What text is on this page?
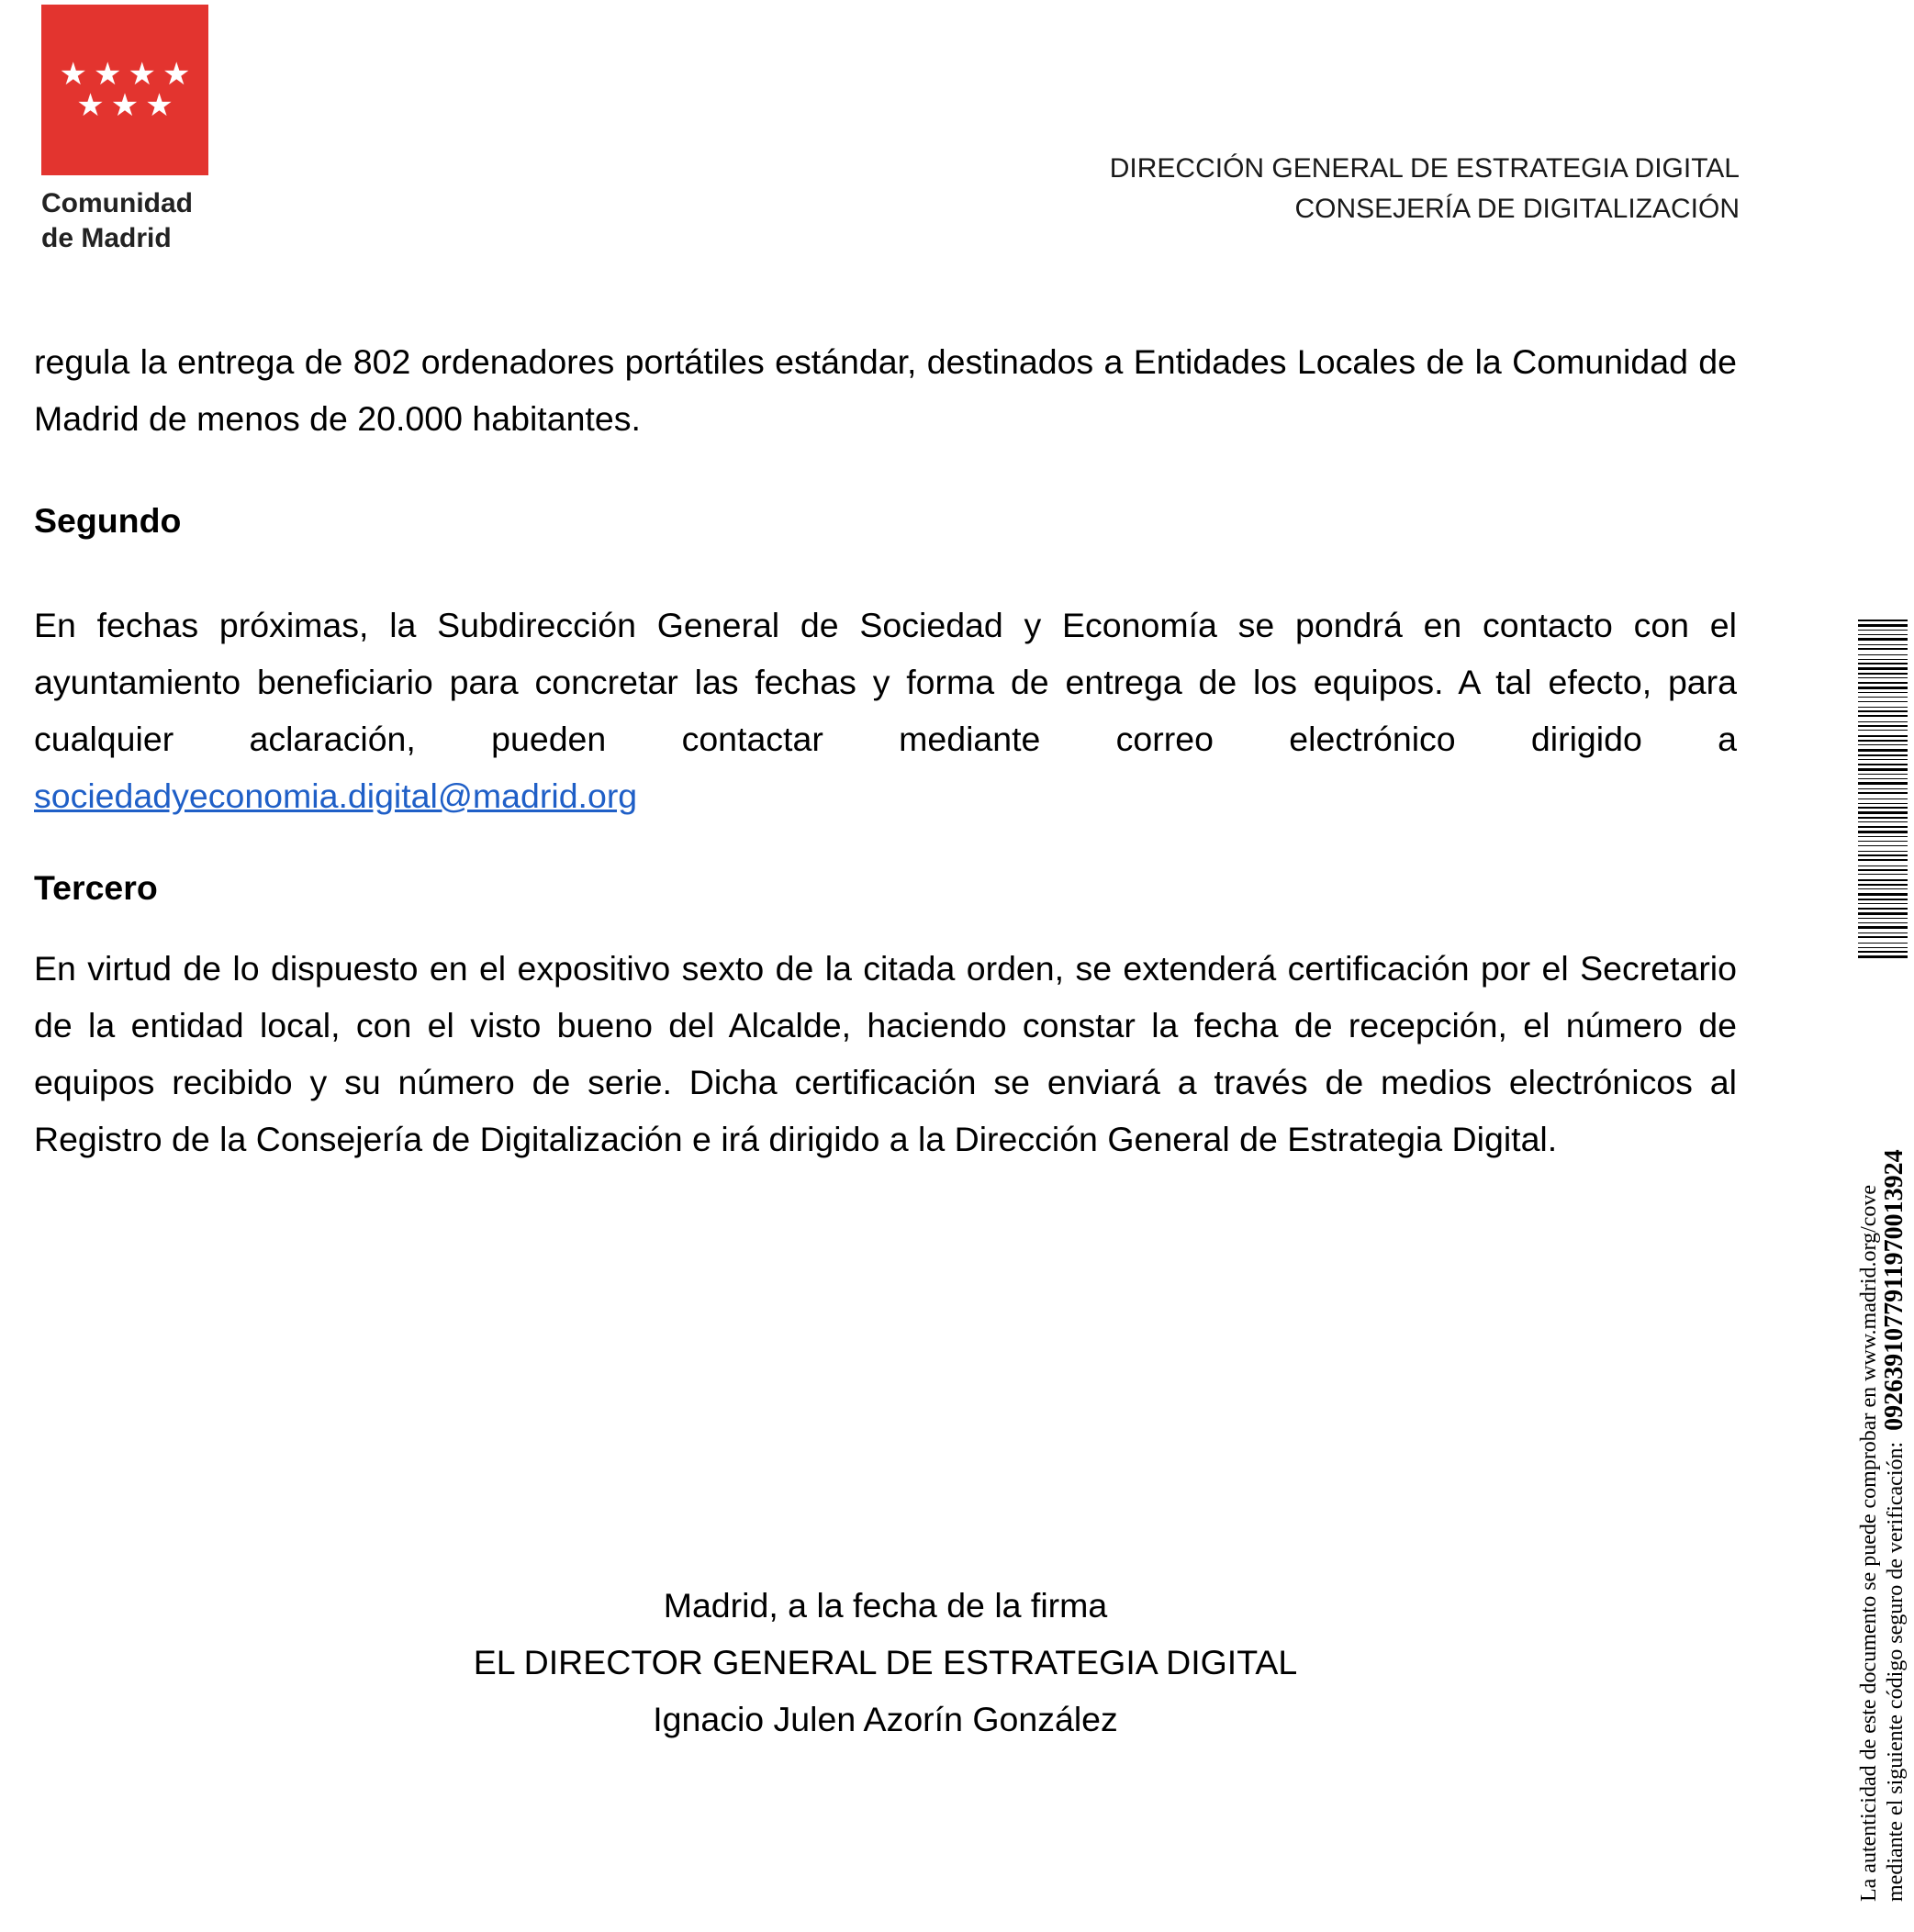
★ ★ ★ ★
★ ★ ★
Comunidad
de Madrid
DIRECCIÓN GENERAL DE ESTRATEGIA DIGITAL
CONSEJERÍA DE DIGITALIZACIÓN

regula la entrega de 802 ordenadores portátiles estándar, destinados a Entidades Locales de la Comunidad de Madrid de menos de 20.000 habitantes.

Segundo

En fechas próximas, la Subdirección General de Sociedad y Economía se pondrá en contacto con el ayuntamiento beneficiario para concretar las fechas y forma de entrega de los equipos. A tal efecto, para cualquier aclaración, pueden contactar mediante correo electrónico dirigido a sociedadyeconomia.digital@madrid.org

Tercero

En virtud de lo dispuesto en el expositivo sexto de la citada orden, se extenderá certificación por el Secretario de la entidad local, con el visto bueno del Alcalde, haciendo constar la fecha de recepción, el número de equipos recibido y su número de serie. Dicha certificación se enviará a través de medios electrónicos al Registro de la Consejería de Digitalización e irá dirigido a la Dirección General de Estrategia Digital.

Madrid, a la fecha de la firma
EL DIRECTOR GENERAL DE ESTRATEGIA DIGITAL
Ignacio Julen Azorín González	La autenticidad de este documento se puede comprobar en www.madrid.org/cove mediante el siguiente código seguro de verificación:  0926391077911970013924
